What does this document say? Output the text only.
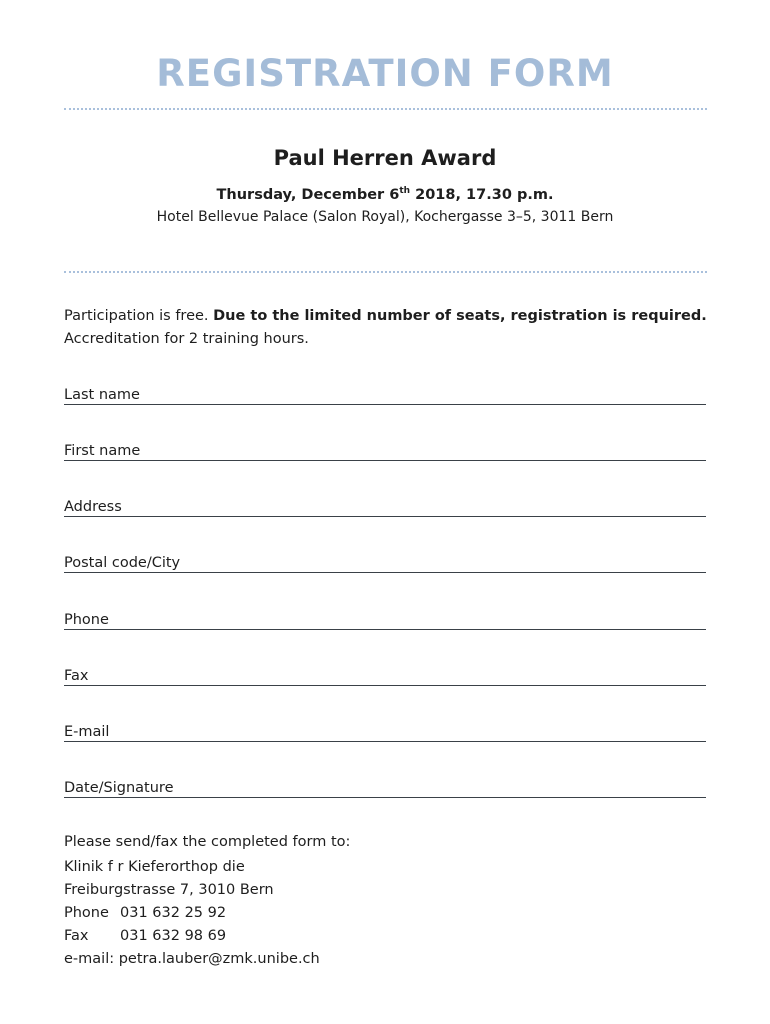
REGISTRATION FORM
Paul Herren Award
Thursday, December 6th 2018, 17.30 p.m.
Hotel Bellevue Palace (Salon Royal), Kochergasse 3–5, 3011 Bern
Participation is free. Due to the limited number of seats, registration is required.
Accreditation for 2 training hours.
Last name
First name
Address
Postal code/City
Phone
Fax
E-mail
Date/Signature
Please send/fax the completed form to:
Klinik f r Kieferorthop die
Freiburgstrasse 7, 3010 Bern
Phone 031 632 25 92
Fax 031 632 98 69
e-mail: petra.lauber@zmk.unibe.ch
